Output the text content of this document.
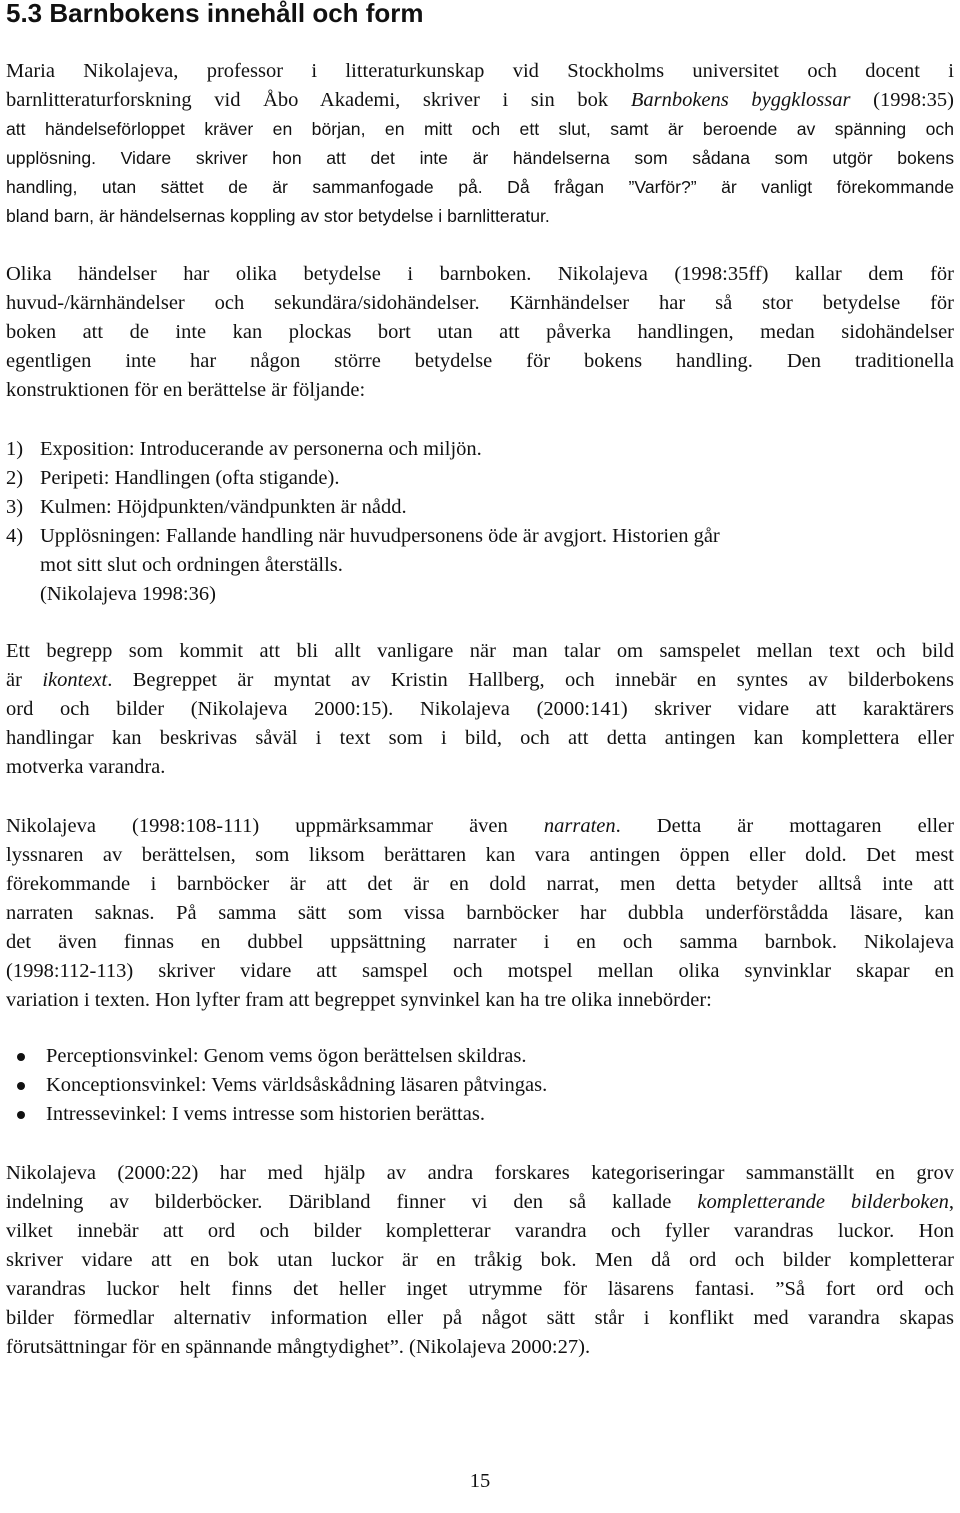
5.3 Barnbokens innehåll och form
Maria Nikolajeva, professor i litteraturkunskap vid Stockholms universitet och docent i
barnlitteraturforskning vid Åbo Akademi, skriver i sin bok Barnbokens byggklossar (1998:35)
att händelseförloppet kräver en början, en mitt och ett slut, samt är beroende av spänning och
upplösning. Vidare skriver hon att det inte är händelserna som sådana som utgör bokens
handling, utan sättet de är sammanfogade på. Då frågan ”Varför?” är vanligt förekommande
bland barn, är händelsernas koppling av stor betydelse i barnlitteratur.
Olika händelser har olika betydelse i barnboken. Nikolajeva (1998:35ff) kallar dem för
huvud-/kärnhändelser och sekundära/sidohändelser. Kärnhändelser har så stor betydelse för
boken att de inte kan plockas bort utan att påverka handlingen, medan sidohändelser
egentligen inte har någon större betydelse för bokens handling. Den traditionella
konstruktionen för en berättelse är följande:
1) Exposition: Introducerande av personerna och miljön.
2) Peripeti: Handlingen (ofta stigande).
3) Kulmen: Höjdpunkten/vändpunkten är nådd.
4) Upplösningen: Fallande handling när huvudpersonens öde är avgjort. Historien går
mot sitt slut och ordningen återställs.
(Nikolajeva 1998:36)
Ett begrepp som kommit att bli allt vanligare när man talar om samspelet mellan text och bild
är ikontext. Begreppet är myntat av Kristin Hallberg, och innebär en syntes av bilderbokens
ord och bilder (Nikolajeva 2000:15). Nikolajeva (2000:141) skriver vidare att karaktärers
handlingar kan beskrivas såväl i text som i bild, och att detta antingen kan komplettera eller
motverka varandra.
Nikolajeva (1998:108-111) uppmärksammar även narraten. Detta är mottagaren eller
lyssnaren av berättelsen, som liksom berättaren kan vara antingen öppen eller dold. Det mest
förekommande i barnböcker är att det är en dold narrat, men detta betyder alltså inte att
narraten saknas. På samma sätt som vissa barnböcker har dubbla underförstådda läsare, kan
det även finnas en dubbel uppsättning narrater i en och samma barnbok. Nikolajeva
(1998:112-113) skriver vidare att samspel och motspel mellan olika synvinklar skapar en
variation i texten. Hon lyfter fram att begreppet synvinkel kan ha tre olika innebörder:
Perceptionsvinkel: Genom vems ögon berättelsen skildras.
Konceptionsvinkel: Vems världsåskådning läsaren påtvingas.
Intressevinkel: I vems intresse som historien berättas.
Nikolajeva (2000:22) har med hjälp av andra forskares kategoriseringar sammanställt en grov
indelning av bilderböcker. Däribland finner vi den så kallade kompletterande bilderboken,
vilket innebär att ord och bilder kompletterar varandra och fyller varandras luckor. Hon
skriver vidare att en bok utan luckor är en tråkig bok. Men då ord och bilder kompletterar
varandras luckor helt finns det heller inget utrymme för läsarens fantasi. ”Så fort ord och
bilder förmedlar alternativ information eller på något sätt står i konflikt med varandra skapas
förutsättningar för en spännande mångtydighet”. (Nikolajeva 2000:27).
15
